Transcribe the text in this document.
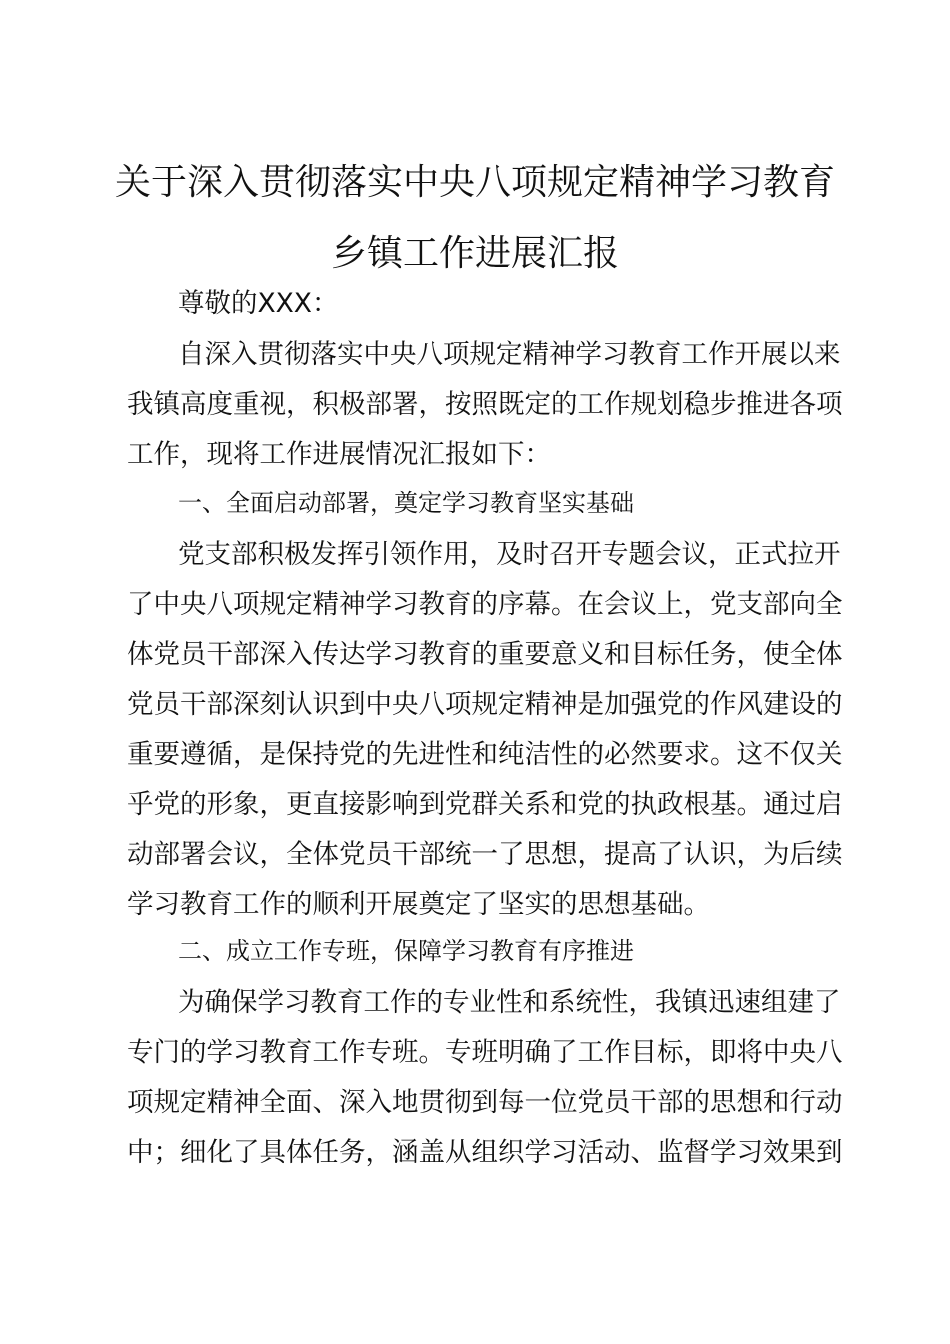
关于深入贯彻落实中央八项规定精神学习教育
乡镇工作进展汇报

尊敬的XXX：

自深入贯彻落实中央八项规定精神学习教育工作开展以来

我镇高度重视，积极部署，按照既定的工作规划稳步推进各项

工作，现将工作进展情况汇报如下：

一、全面启动部署，奠定学习教育坚实基础

党支部积极发挥引领作用，及时召开专题会议，正式拉开

了中央八项规定精神学习教育的序幕。在会议上，党支部向全

体党员干部深入传达学习教育的重要意义和目标任务，使全体

党员干部深刻认识到中央八项规定精神是加强党的作风建设的

重要遵循，是保持党的先进性和纯洁性的必然要求。这不仅关

乎党的形象，更直接影响到党群关系和党的执政根基。通过启

动部署会议，全体党员干部统一了思想，提高了认识，为后续

学习教育工作的顺利开展奠定了坚实的思想基础。

二、成立工作专班，保障学习教育有序推进

为确保学习教育工作的专业性和系统性，我镇迅速组建了

专门的学习教育工作专班。专班明确了工作目标，即将中央八

项规定精神全面、深入地贯彻到每一位党员干部的思想和行动

中；细化了具体任务，涵盖从组织学习活动、监督学习效果到
